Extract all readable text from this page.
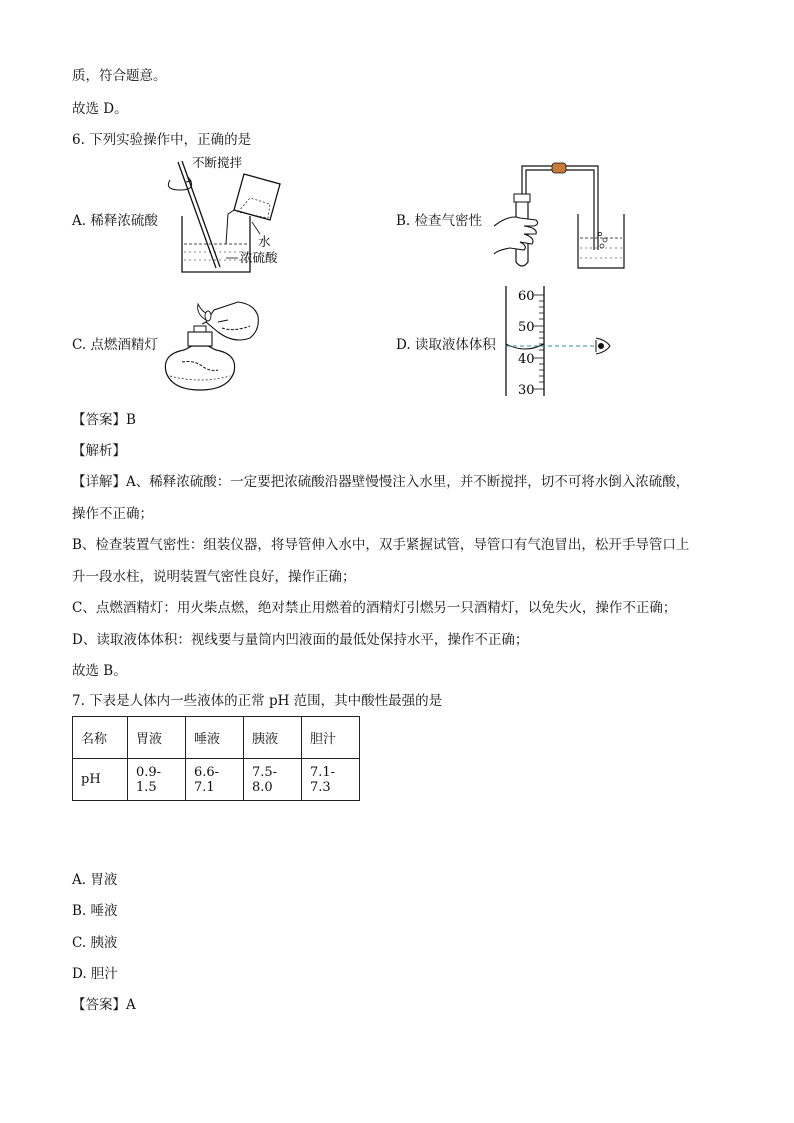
质，符合题意。
故选 D。
6. 下列实验操作中，正确的是
A. 稀释浓硫酸	B. 检查气密性
C. 点燃酒精灯	D. 读取液体体积
不断搅拌
水
浓硫酸
60
50
40
30
【答案】B
【解析】
【详解】A、稀释浓硫酸：一定要把浓硫酸沿器壁慢慢注入水里，并不断搅拌，切不可将水倒入浓硫酸，
操作不正确；
B、检查装置气密性：组装仪器，将导管伸入水中，双手紧握试管，导管口有气泡冒出，松开手导管口上
升一段水柱，说明装置气密性良好，操作正确；
C、点燃酒精灯：用火柴点燃，绝对禁止用燃着的酒精灯引燃另一只酒精灯，以免失火，操作不正确；
D、读取液体体积：视线要与量筒内凹液面的最低处保持水平，操作不正确；
故选 B。
7. 下表是人体内一些液体的正常 pH 范围，其中酸性最强的是
名称	胃液	唾液	胰液	胆汁
pH	0.9-1.5	6.6-7.1	7.5-8.0	7.1-7.3
A. 胃液
B. 唾液
C. 胰液
D. 胆汁
【答案】A
